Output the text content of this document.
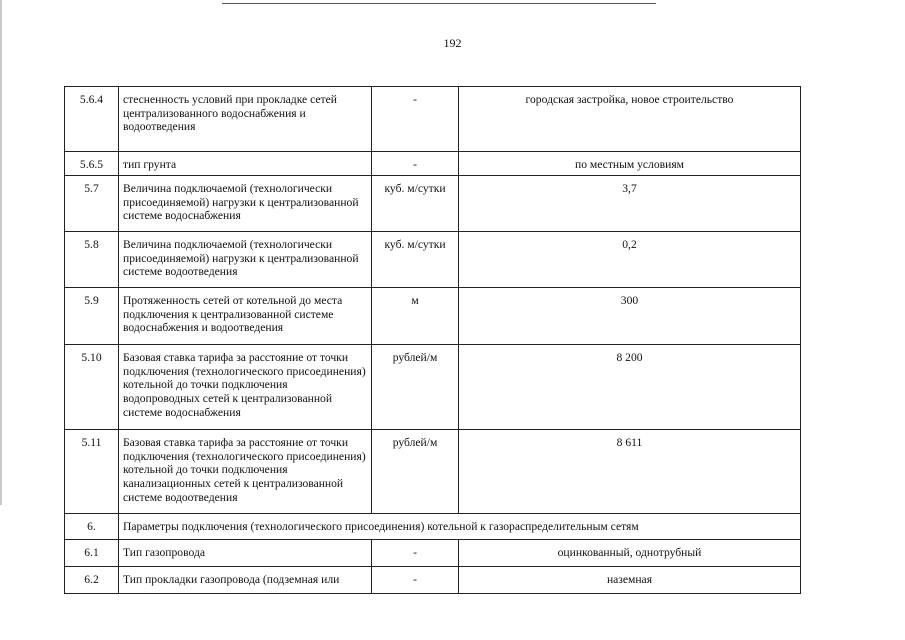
192
5.6.4	стесненность условий при прокладке сетей централизованного водоснабжения и водоотведения	-	городская застройка, новое строительство
5.6.5	тип грунта	-	по местным условиям
5.7	Величина подключаемой (технологически присоединяемой) нагрузки к централизованной системе водоснабжения	куб. м/сутки	3,7
5.8	Величина подключаемой (технологически присоединяемой) нагрузки к централизованной системе водоотведения	куб. м/сутки	0,2
5.9	Протяженность сетей от котельной до места подключения к централизованной системе водоснабжения и водоотведения	м	300
5.10	Базовая ставка тарифа за расстояние от точки подключения (технологического присоединения) котельной до точки подключения водопроводных сетей к централизованной системе водоснабжения	рублей/м	8 200
5.11	Базовая ставка тарифа за расстояние от точки подключения (технологического присоединения) котельной до точки подключения канализационных сетей к централизованной системе водоотведения	рублей/м	8 611
6.	Параметры подключения (технологического присоединения) котельной к газораспределительным сетям		
6.1	Тип газопровода	-	оцинкованный, однотрубный
6.2	Тип прокладки газопровода (подземная или	-	наземная
